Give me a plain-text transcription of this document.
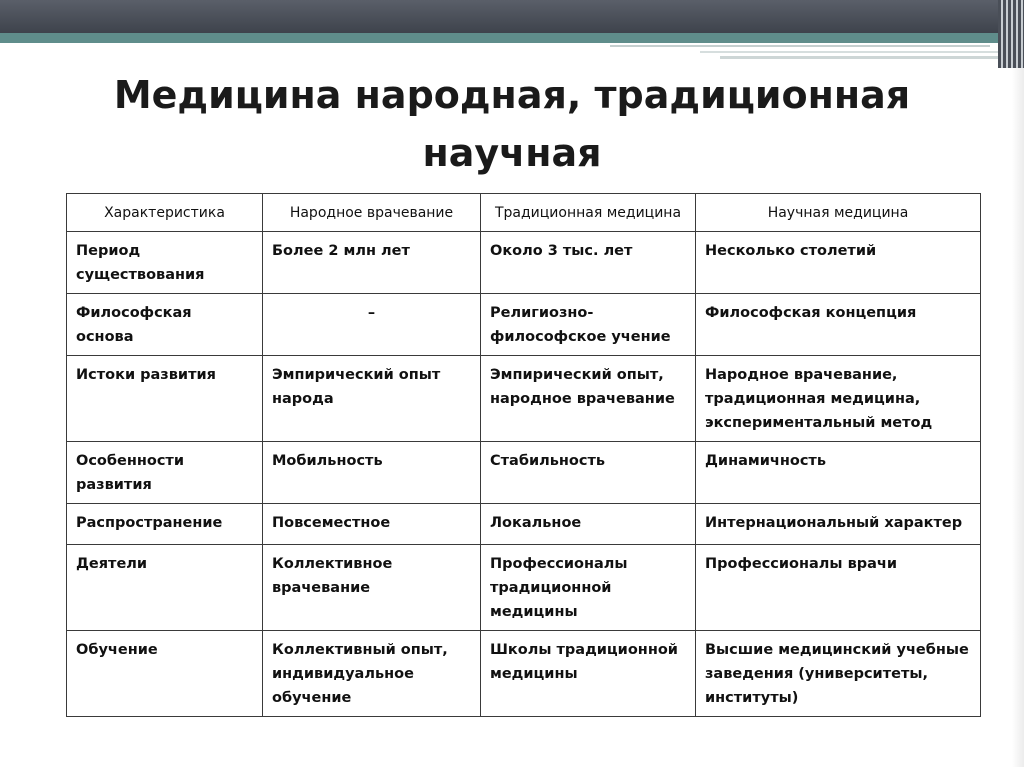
Медицина народная, традиционная
научная
Характеристика	Народное врачевание	Традиционная медицина	Научная медицина
Период существования	Более 2 млн лет	Около 3 тыс. лет	Несколько столетий
Философская основа	–	Религиозно-философское учение	Философская концепция
Истоки развития	Эмпирический опыт народа	Эмпирический опыт, народное врачевание	Народное врачевание, традиционная медицина, экспериментальный метод
Особенности развития	Мобильность	Стабильность	Динамичность
Распространение	Повсеместное	Локальное	Интернациональный характер
Деятели	Коллективное врачевание	Профессионалы традиционной медицины	Профессионалы врачи
Обучение	Коллективный опыт, индивидуальное обучение	Школы традиционной медицины	Высшие медицинский учебные заведения (университеты, институты)
